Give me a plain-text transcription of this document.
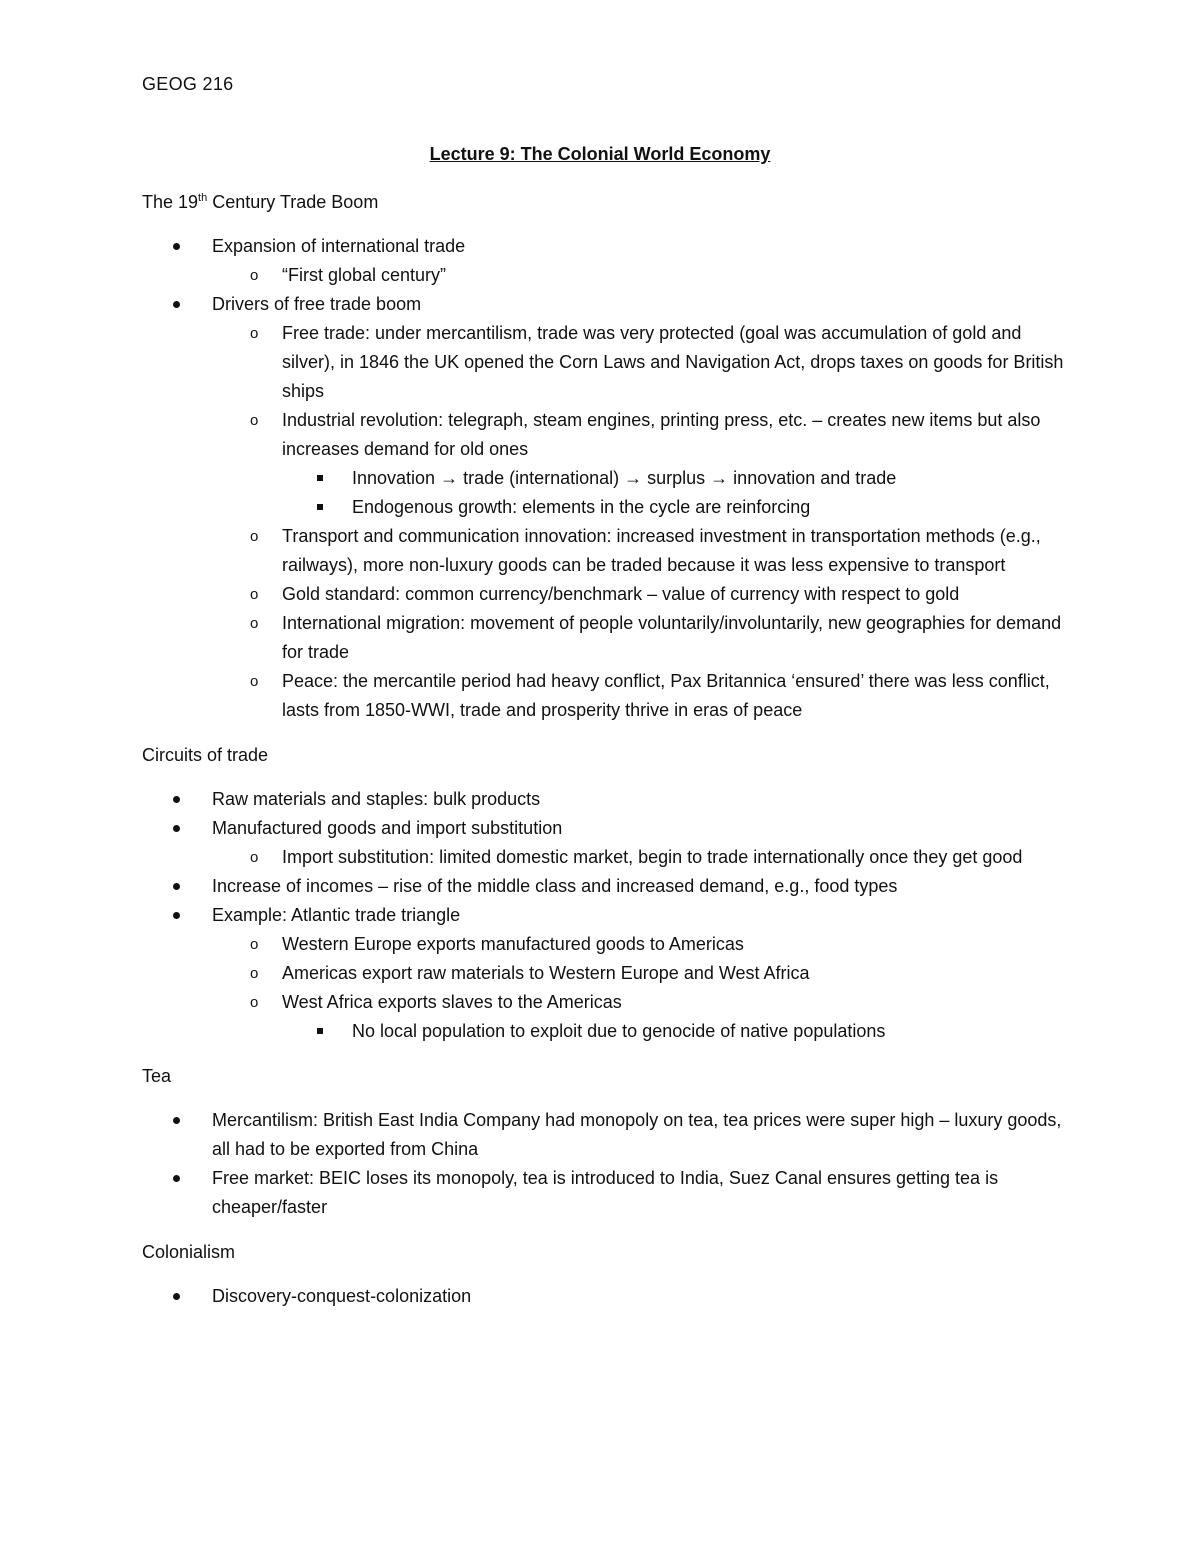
GEOG 216
Lecture 9: The Colonial World Economy
The 19th Century Trade Boom
Expansion of international trade
o “First global century”
Drivers of free trade boom
o Free trade: under mercantilism, trade was very protected (goal was accumulation of gold and silver), in 1846 the UK opened the Corn Laws and Navigation Act, drops taxes on goods for British ships
o Industrial revolution: telegraph, steam engines, printing press, etc. – creates new items but also increases demand for old ones
Innovation → trade (international) → surplus → innovation and trade
Endogenous growth: elements in the cycle are reinforcing
o Transport and communication innovation: increased investment in transportation methods (e.g., railways), more non-luxury goods can be traded because it was less expensive to transport
o Gold standard: common currency/benchmark – value of currency with respect to gold
o International migration: movement of people voluntarily/involuntarily, new geographies for demand for trade
o Peace: the mercantile period had heavy conflict, Pax Britannica ‘ensured’ there was less conflict, lasts from 1850-WWI, trade and prosperity thrive in eras of peace
Circuits of trade
Raw materials and staples: bulk products
Manufactured goods and import substitution
o Import substitution: limited domestic market, begin to trade internationally once they get good
Increase of incomes – rise of the middle class and increased demand, e.g., food types
Example: Atlantic trade triangle
o Western Europe exports manufactured goods to Americas
o Americas export raw materials to Western Europe and West Africa
o West Africa exports slaves to the Americas
No local population to exploit due to genocide of native populations
Tea
Mercantilism: British East India Company had monopoly on tea, tea prices were super high – luxury goods, all had to be exported from China
Free market: BEIC loses its monopoly, tea is introduced to India, Suez Canal ensures getting tea is cheaper/faster
Colonialism
Discovery-conquest-colonization
